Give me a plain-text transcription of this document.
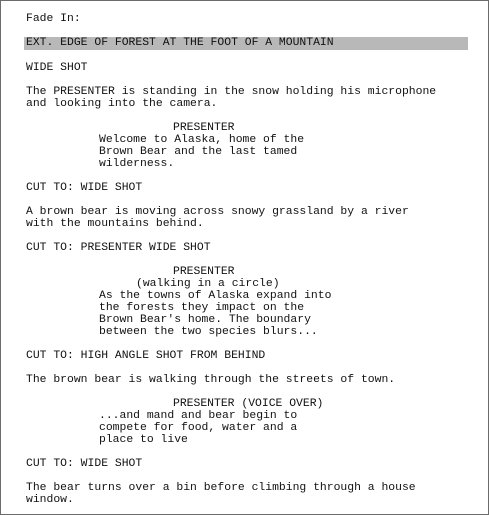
Fade In:

EXT. EDGE OF FOREST AT THE FOOT OF A MOUNTAIN

WIDE SHOT

The PRESENTER is standing in the snow holding his microphone
and looking into the camera.

PRESENTER

Welcome to Alaska, home of the
Brown Bear and the last tamed
wilderness.

CUT TO: WIDE SHOT

A brown bear is moving across snowy grassland by a river
with the mountains behind.

CUT TO: PRESENTER WIDE SHOT

PRESENTER

(walking in a circle)

As the towns of Alaska expand into
the forests they impact on the
Brown Bear's home. The boundary
between the two species blurs...

CUT TO: HIGH ANGLE SHOT FROM BEHIND

The brown bear is walking through the streets of town.

PRESENTER (VOICE OVER)

...and mand and bear begin to
compete for food, water and a
place to live

CUT TO: WIDE SHOT

The bear turns over a bin before climbing through a house
window.
